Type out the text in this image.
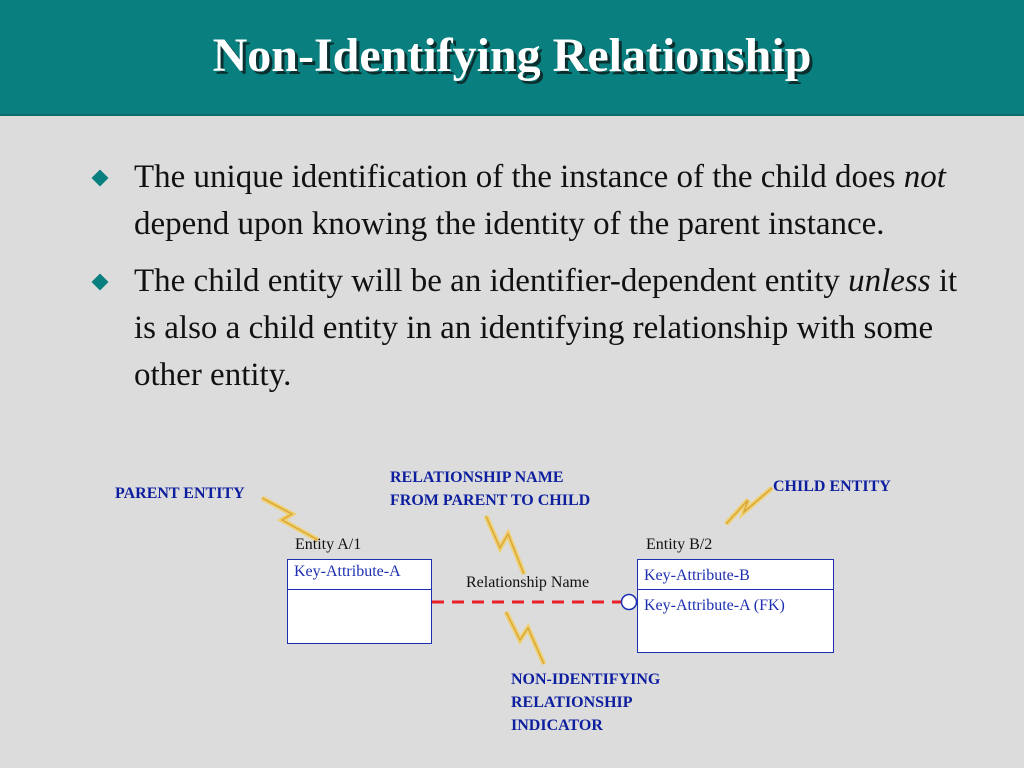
Non-Identifying Relationship
The unique identification of the instance of the child does not depend upon knowing the identity of the parent instance.
The child entity will be an identifier-dependent entity unless it is also a child entity in an identifying relationship with some other entity.
PARENT ENTITY
RELATIONSHIP NAME
FROM PARENT TO CHILD
CHILD ENTITY
NON-IDENTIFYING
RELATIONSHIP
INDICATOR
Entity A/1
Key-Attribute-A
Relationship Name
Entity B/2
Key-Attribute-B
Key-Attribute-A (FK)
